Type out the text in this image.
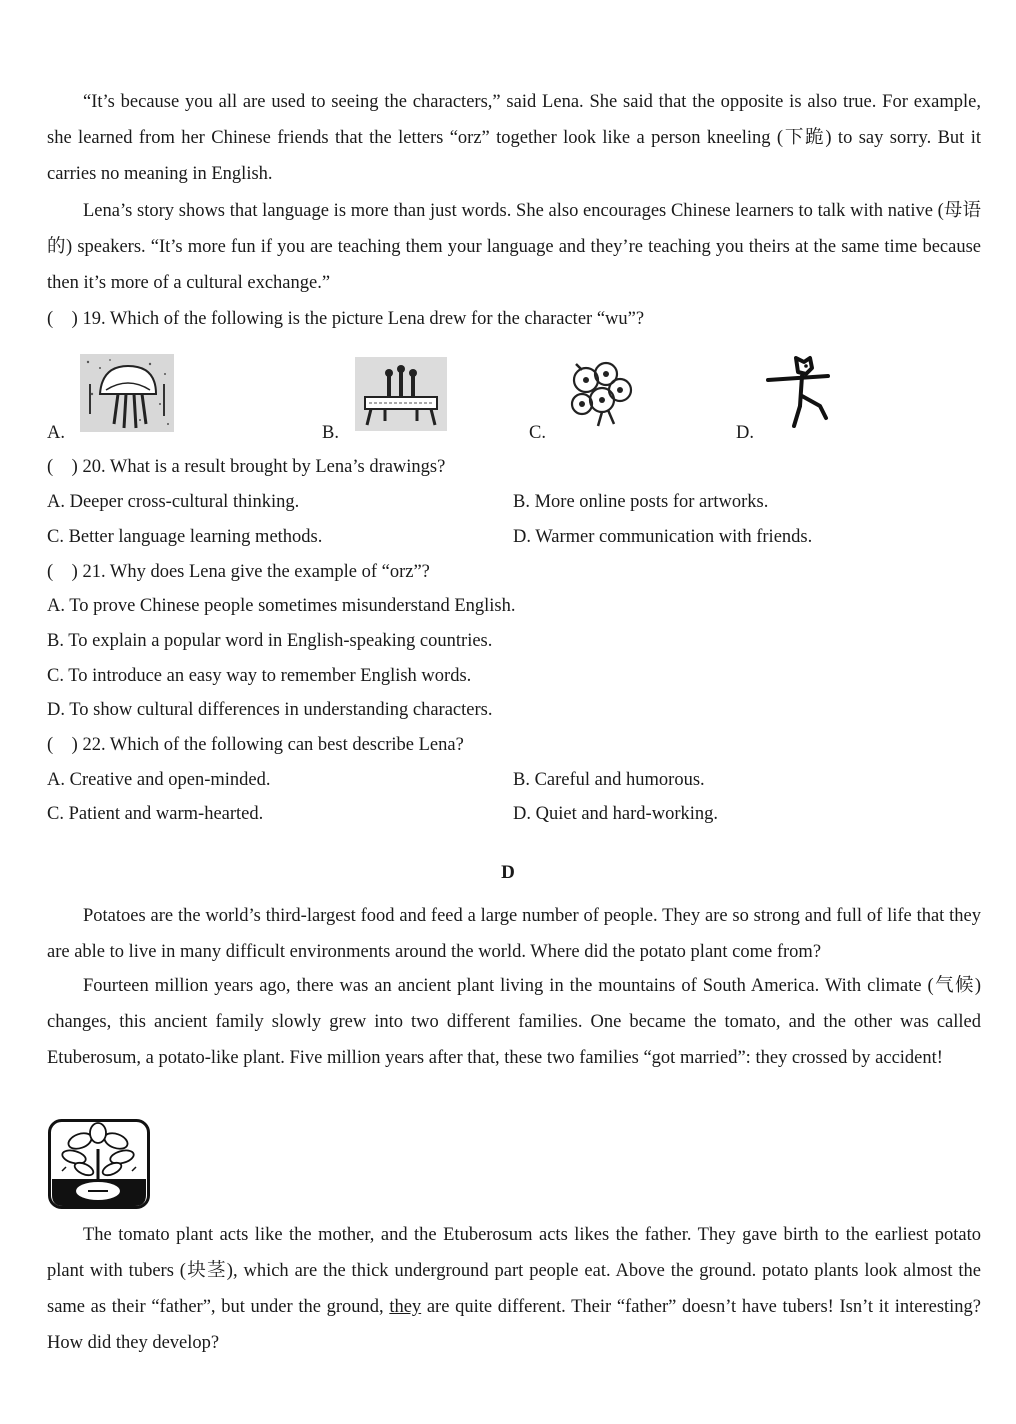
“It’s because you all are used to seeing the characters,” said Lena. She said that the opposite is also true. For example, she learned from her Chinese friends that the letters “orz” together look like a person kneeling (下跪) to say sorry. But it carries no meaning in English.

Lena’s story shows that language is more than just words. She also encourages Chinese learners to talk with native (母语的) speakers. “It’s more fun if you are teaching them your language and they’re teaching you theirs at the same time because then it’s more of a cultural exchange.”

(    ) 19. Which of the following is the picture Lena drew for the character “wu”?

A.	B.	C.	D.

(    ) 20. What is a result brought by Lena’s drawings?

A. Deeper cross-cultural thinking.	B. More online posts for artworks.

C. Better language learning methods.	D. Warmer communication with friends.

(    ) 21. Why does Lena give the example of “orz”?

A. To prove Chinese people sometimes misunderstand English.

B. To explain a popular word in English-speaking countries.

C. To introduce an easy way to remember English words.

D. To show cultural differences in understanding characters.

(    ) 22. Which of the following can best describe Lena?

A. Creative and open-minded.	B. Careful and humorous.

C. Patient and warm-hearted.	D. Quiet and hard-working.

D

Potatoes are the world’s third-largest food and feed a large number of people. They are so strong and full of life that they are able to live in many difficult environments around the world. Where did the potato plant come from?

Fourteen million years ago, there was an ancient plant living in the mountains of South America. With climate (气候) changes, this ancient family slowly grew into two different families. One became the tomato, and the other was called Etuberosum, a potato-like plant. Five million years after that, these two families “got married”: they crossed by accident!

The tomato plant acts like the mother, and the Etuberosum acts likes the father. They gave birth to the earliest potato plant with tubers (块茎), which are the thick underground part people eat. Above the ground. potato plants look almost the same as their “father”, but under the ground, they are quite different. Their “father” doesn’t have tubers! Isn’t it interesting? How did they develop?
